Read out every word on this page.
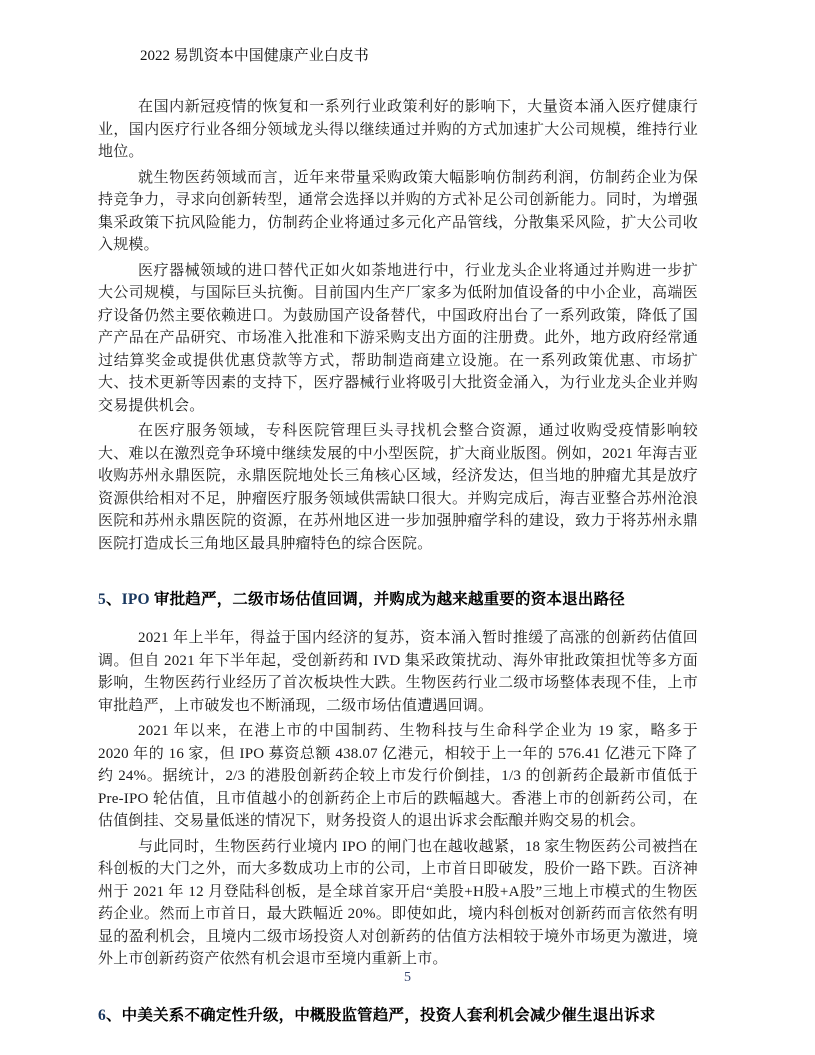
2022 易凯资本中国健康产业白皮书

在国内新冠疫情的恢复和一系列行业政策利好的影响下，大量资本涌入医疗健康行业，国内医疗行业各细分领域龙头得以继续通过并购的方式加速扩大公司规模，维持行业地位。

就生物医药领域而言，近年来带量采购政策大幅影响仿制药利润，仿制药企业为保持竞争力，寻求向创新转型，通常会选择以并购的方式补足公司创新能力。同时，为增强集采政策下抗风险能力，仿制药企业将通过多元化产品管线，分散集采风险，扩大公司收入规模。

医疗器械领域的进口替代正如火如荼地进行中，行业龙头企业将通过并购进一步扩大公司规模，与国际巨头抗衡。目前国内生产厂家多为低附加值设备的中小企业，高端医疗设备仍然主要依赖进口。为鼓励国产设备替代，中国政府出台了一系列政策，降低了国产产品在产品研究、市场准入批准和下游采购支出方面的注册费。此外，地方政府经常通过结算奖金或提供优惠贷款等方式，帮助制造商建立设施。在一系列政策优惠、市场扩大、技术更新等因素的支持下，医疗器械行业将吸引大批资金涌入，为行业龙头企业并购交易提供机会。

在医疗服务领域，专科医院管理巨头寻找机会整合资源，通过收购受疫情影响较大、难以在激烈竞争环境中继续发展的中小型医院，扩大商业版图。例如，2021 年海吉亚收购苏州永鼎医院，永鼎医院地处长三角核心区域，经济发达，但当地的肿瘤尤其是放疗资源供给相对不足，肿瘤医疗服务领域供需缺口很大。并购完成后，海吉亚整合苏州沧浪医院和苏州永鼎医院的资源，在苏州地区进一步加强肿瘤学科的建设，致力于将苏州永鼎医院打造成长三角地区最具肿瘤特色的综合医院。

5、IPO 审批趋严，二级市场估值回调，并购成为越来越重要的资本退出路径

2021 年上半年，得益于国内经济的复苏，资本涌入暂时推缓了高涨的创新药估值回调。但自 2021 年下半年起，受创新药和 IVD 集采政策扰动、海外审批政策担忧等多方面影响，生物医药行业经历了首次板块性大跌。生物医药行业二级市场整体表现不佳，上市审批趋严，上市破发也不断涌现，二级市场估值遭遇回调。

2021 年以来，在港上市的中国制药、生物科技与生命科学企业为 19 家，略多于 2020 年的 16 家，但 IPO 募资总额 438.07 亿港元，相较于上一年的 576.41 亿港元下降了约 24%。据统计，2/3 的港股创新药企较上市发行价倒挂，1/3 的创新药企最新市值低于 Pre-IPO 轮估值，且市值越小的创新药企上市后的跌幅越大。香港上市的创新药公司，在估值倒挂、交易量低迷的情况下，财务投资人的退出诉求会酝酿并购交易的机会。

与此同时，生物医药行业境内 IPO 的闸门也在越收越紧，18 家生物医药公司被挡在科创板的大门之外，而大多数成功上市的公司，上市首日即破发，股价一路下跌。百济神州于 2021 年 12 月登陆科创板，是全球首家开启“美股+H股+A股”三地上市模式的生物医药企业。然而上市首日，最大跌幅近 20%。即使如此，境内科创板对创新药而言依然有明显的盈利机会，且境内二级市场投资人对创新药的估值方法相较于境外市场更为激进，境外上市创新药资产依然有机会退市至境内重新上市。

6、中美关系不确定性升级，中概股监管趋严，投资人套利机会减少催生退出诉求
5
